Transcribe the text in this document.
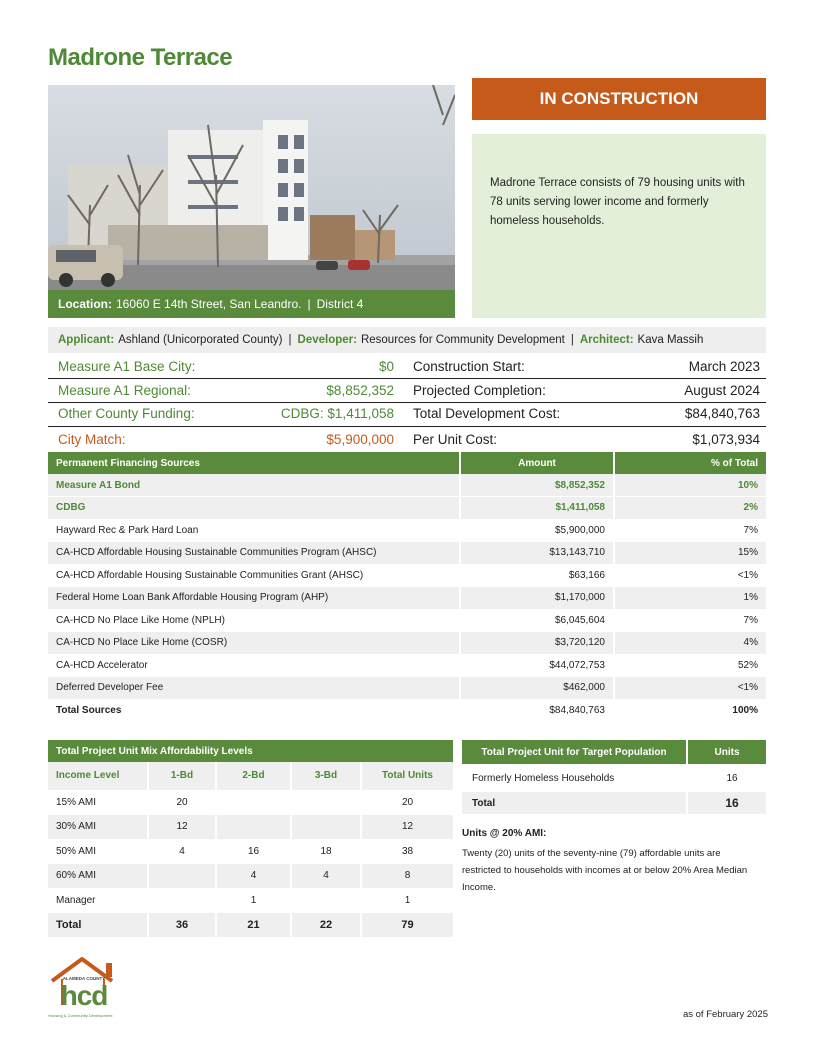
Madrone Terrace
Location: 16060 E 14th Street, San Leandro. | District 4
IN CONSTRUCTION
Madrone Terrace consists of 79 housing units with 78 units serving lower income and formerly homeless households.
Applicant: Ashland (Unicorporated County) | Developer: Resources for Community Development | Architect: Kava Massih
Measure A1 Base City:	$0 Construction Start:	March 2023
Measure A1 Regional:	$8,852,352 Projected Completion:	August 2024
Other County Funding:	CDBG: $1,411,058 Total Development Cost:	$84,840,763
City Match:	$5,900,000 Per Unit Cost:	$1,073,934
Permanent Financing Sources	Amount	% of Total
Measure A1 Bond	$8,852,352	10%
CDBG	$1,411,058	2%
Hayward Rec & Park Hard Loan	$5,900,000	7%
CA-HCD Affordable Housing Sustainable Communities Program (AHSC)	$13,143,710	15%
CA-HCD Affordable Housing Sustainable Communities Grant (AHSC)	$63,166	<1%
Federal Home Loan Bank Affordable Housing Program (AHP)	$1,170,000	1%
CA-HCD No Place Like Home (NPLH)	$6,045,604	7%
CA-HCD No Place Like Home (COSR)	$3,720,120	4%
CA-HCD Accelerator	$44,072,753	52%
Deferred Developer Fee	$462,000	<1%
Total Sources	$84,840,763	100%
Total Project Unit Mix Affordability Levels				
Income Level	1-Bd	2-Bd	3-Bd	Total Units
15% AMI	20			20
30% AMI	12			12
50% AMI	4	16	18	38
60% AMI		4	4	8
Manager		1		1
Total	36	21	22	79
Total Project Unit for Target Population	Units
Formerly Homeless Households	16
Total	16
Units @ 20% AMI:
Twenty (20) units of the seventy-nine (79) affordable units are restricted to households with incomes at or below 20% Area Median Income.
ALAMEDA COUNTY
hcd
Housing & Community Development	as of February 2025
